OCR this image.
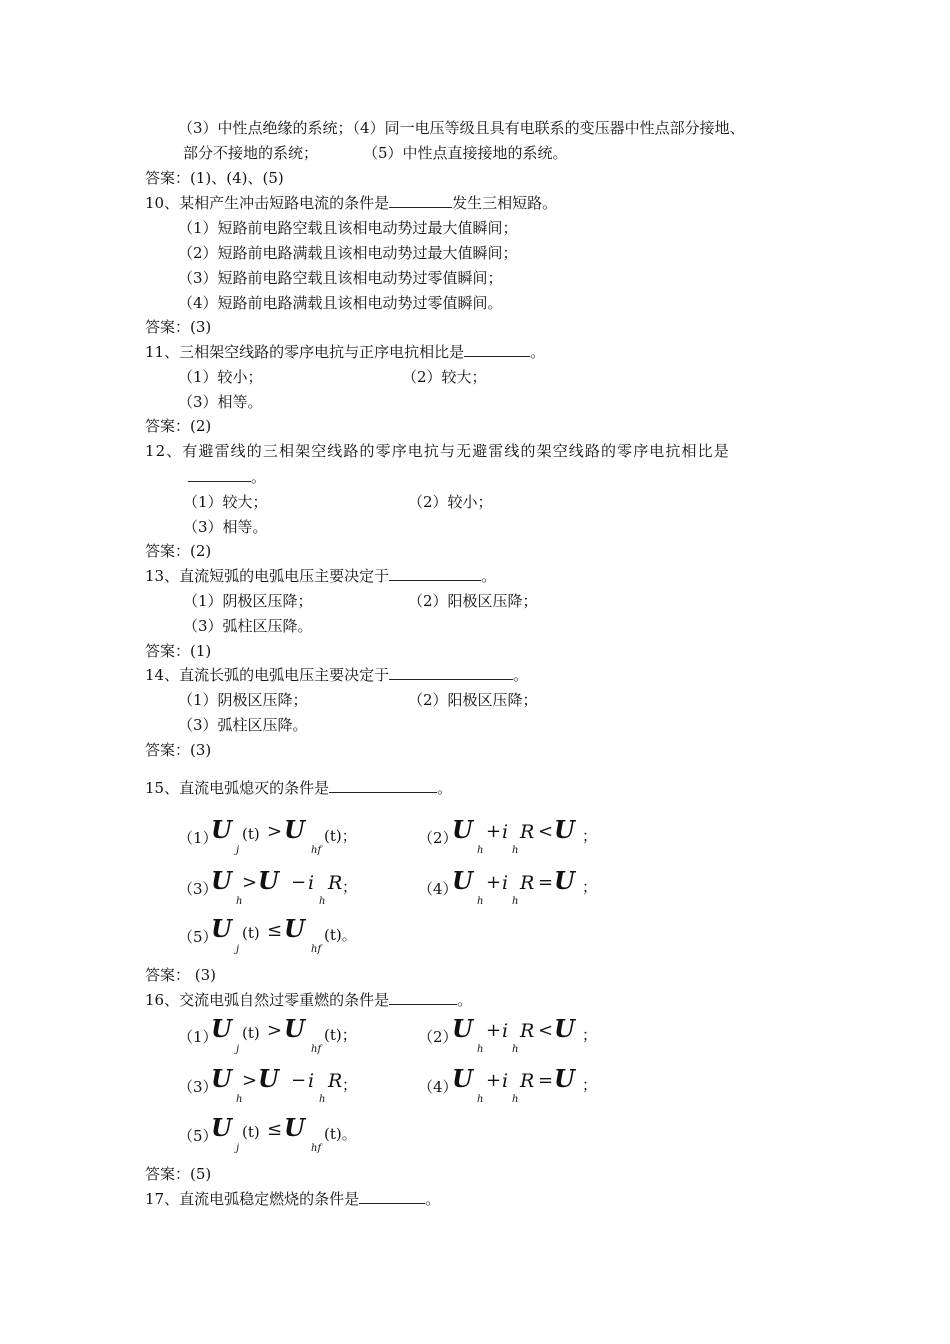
（3）中性点绝缘的系统；（4）同一电压等级且具有电联系的变压器中性点部分接地、
部分不接地的系统；	（5）中性点直接接地的系统。
答案：(1)、(4)、(5)
10、某相产生冲击短路电流的条件是	发生三相短路。
（1）短路前电路空载且该相电动势过最大值瞬间；
（2）短路前电路满载且该相电动势过最大值瞬间；
（3）短路前电路空载且该相电动势过零值瞬间；
（4）短路前电路满载且该相电动势过零值瞬间。
答案：(3)
11、三相架空线路的零序电抗与正序电抗相比是	。
（1）较小；	（2）较大；
（3）相等。
答案：(2)
12、有避雷线的三相架空线路的零序电抗与无避雷线的架空线路的零序电抗相比是
。
（1）较大；	（2）较小；
（3）相等。
答案：(2)
13、直流短弧的电弧电压主要决定于	。
（1）阴极区压降；	（2）阳极区压降；
（3）弧柱区压降。
答案：(1)
14、直流长弧的电弧电压主要决定于	。
（1）阴极区压降；	（2）阳极区压降；
（3）弧柱区压降。
答案：(3)
15、直流电弧熄灭的条件是	。
（1）
U
j
(t) > U
hf
(t)；	（2）
U
h
+ i
h
R < U ；
（3）
U
h
> U − i
h
R ；	（4）
U
h
+ i
h
R = U ；
（5）
U
j
(t) ≤ U
hf
(t)。
答案： (3)
16、交流电弧自然过零重燃的条件是	。
（1）
U
j
(t) > U
hf
(t)；	（2）
U
h
+ i
h
R < U ；
（3）
U
h
> U − i
h
R ；	（4）
U
h
+ i
h
R = U ；
（5）
U
j
(t) ≤ U
hf
(t)。
答案：(5)
17、直流电弧稳定燃烧的条件是	。
